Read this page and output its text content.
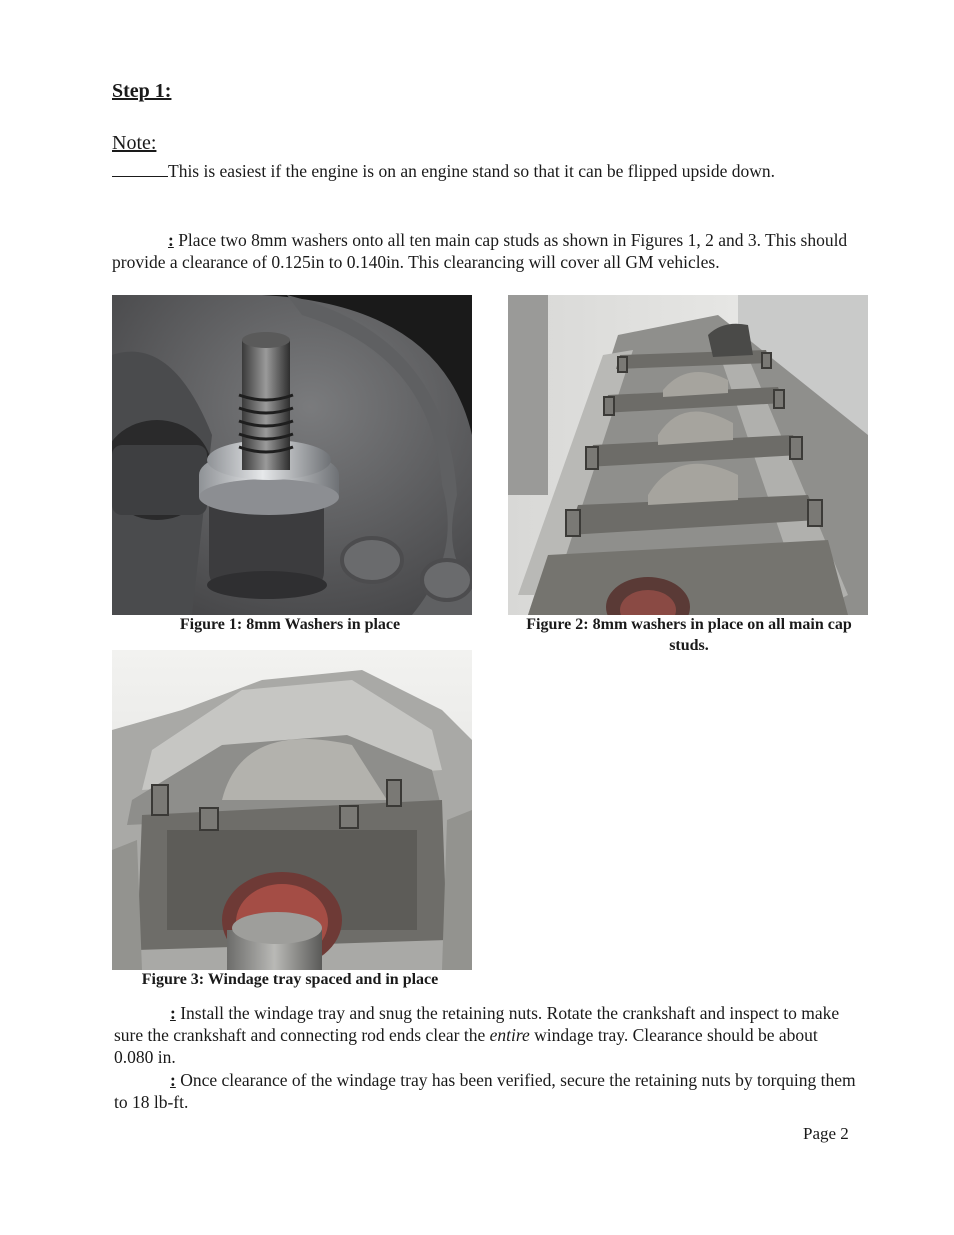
Step 1:
Note:
This is easiest if the engine is on an engine stand so that it can be flipped upside down.
: Place two 8mm washers onto all ten main cap studs as shown in Figures 1, 2 and 3. This should provide a clearance of 0.125in to 0.140in. This clearancing will cover all GM vehicles.
Figure 1: 8mm Washers in place	Figure 2: 8mm washers in place on all main cap studs.
Figure 3: Windage tray spaced and in place
: Install the windage tray and snug the retaining nuts. Rotate the crankshaft and inspect to make sure the crankshaft and connecting rod ends clear the entire windage tray. Clearance should be about 0.080 in.
: Once clearance of the windage tray has been verified, secure the retaining nuts by torquing them to 18 lb-ft.
Page 2
